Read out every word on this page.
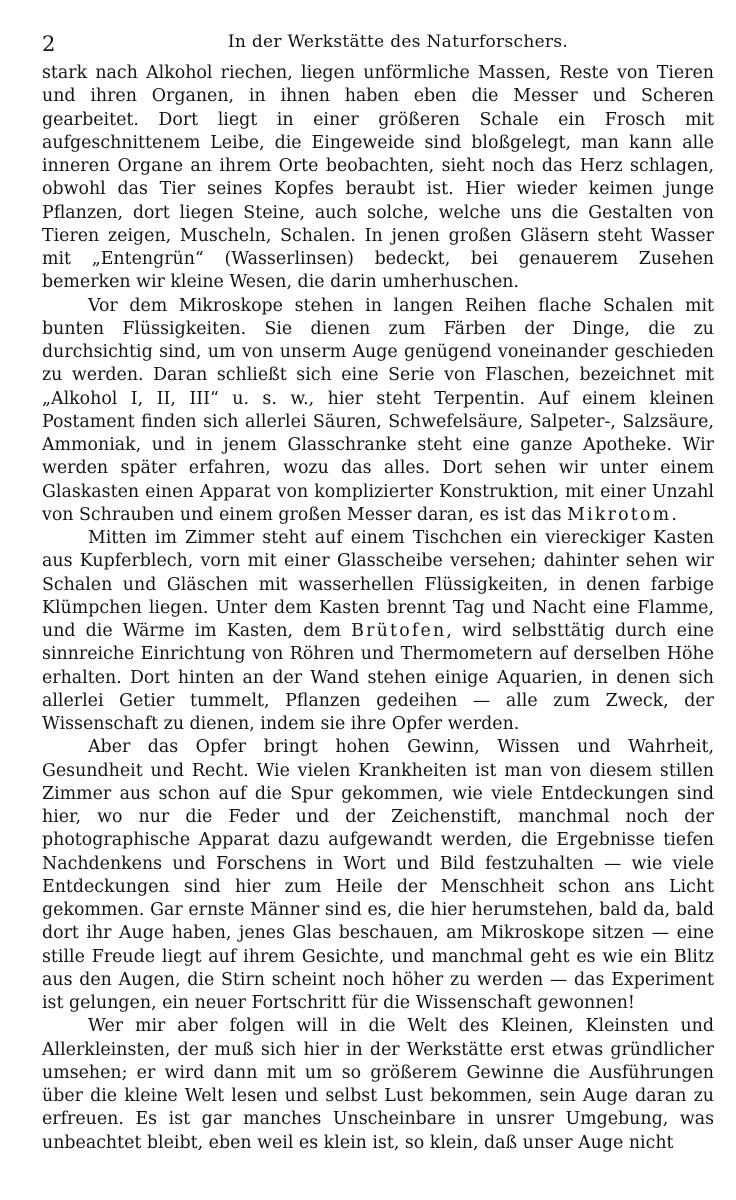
2	In der Werkstätte des Naturforschers.

stark nach Alkohol riechen, liegen unförmliche Massen, Reste von Tieren und ihren Organen, in ihnen haben eben die Messer und Scheren gearbeitet. Dort liegt in einer größeren Schale ein Frosch mit aufgeschnittenem Leibe, die Eingeweide sind bloßgelegt, man kann alle inneren Organe an ihrem Orte beobachten, sieht noch das Herz schlagen, obwohl das Tier seines Kopfes beraubt ist. Hier wieder keimen junge Pflanzen, dort liegen Steine, auch solche, welche uns die Gestalten von Tieren zeigen, Muscheln, Schalen. In jenen großen Gläsern steht Wasser mit „Entengrün“ (Wasserlinsen) bedeckt, bei genauerem Zusehen bemerken wir kleine Wesen, die darin umherhuschen.

Vor dem Mikroskope stehen in langen Reihen flache Schalen mit bunten Flüssigkeiten. Sie dienen zum Färben der Dinge, die zu durchsichtig sind, um von unserm Auge genügend voneinander geschieden zu werden. Daran schließt sich eine Serie von Flaschen, bezeichnet mit „Alkohol I, II, III“ u. s. w., hier steht Terpentin. Auf einem kleinen Postament finden sich allerlei Säuren, Schwefelsäure, Salpeter-, Salzsäure, Ammoniak, und in jenem Glasschranke steht eine ganze Apotheke. Wir werden später erfahren, wozu das alles. Dort sehen wir unter einem Glaskasten einen Apparat von komplizierter Konstruktion, mit einer Unzahl von Schrauben und einem großen Messer daran, es ist das Mikrotom.

Mitten im Zimmer steht auf einem Tischchen ein viereckiger Kasten aus Kupferblech, vorn mit einer Glasscheibe versehen; dahinter sehen wir Schalen und Gläschen mit wasserhellen Flüssigkeiten, in denen farbige Klümpchen liegen. Unter dem Kasten brennt Tag und Nacht eine Flamme, und die Wärme im Kasten, dem Brütofen, wird selbsttätig durch eine sinnreiche Einrichtung von Röhren und Thermometern auf derselben Höhe erhalten. Dort hinten an der Wand stehen einige Aquarien, in denen sich allerlei Getier tummelt, Pflanzen gedeihen — alle zum Zweck, der Wissenschaft zu dienen, indem sie ihre Opfer werden.

Aber das Opfer bringt hohen Gewinn, Wissen und Wahrheit, Gesundheit und Recht. Wie vielen Krankheiten ist man von diesem stillen Zimmer aus schon auf die Spur gekommen, wie viele Entdeckungen sind hier, wo nur die Feder und der Zeichenstift, manchmal noch der photographische Apparat dazu aufgewandt werden, die Ergebnisse tiefen Nachdenkens und Forschens in Wort und Bild festzuhalten — wie viele Entdeckungen sind hier zum Heile der Menschheit schon ans Licht gekommen. Gar ernste Männer sind es, die hier herumstehen, bald da, bald dort ihr Auge haben, jenes Glas beschauen, am Mikroskope sitzen — eine stille Freude liegt auf ihrem Gesichte, und manchmal geht es wie ein Blitz aus den Augen, die Stirn scheint noch höher zu werden — das Experiment ist gelungen, ein neuer Fortschritt für die Wissenschaft gewonnen!

Wer mir aber folgen will in die Welt des Kleinen, Kleinsten und Allerkleinsten, der muß sich hier in der Werkstätte erst etwas gründlicher umsehen; er wird dann mit um so größerem Gewinne die Ausführungen über die kleine Welt lesen und selbst Lust bekommen, sein Auge daran zu erfreuen. Es ist gar manches Unscheinbare in unsrer Umgebung, was unbeachtet bleibt, eben weil es klein ist, so klein, daß unser Auge nicht
